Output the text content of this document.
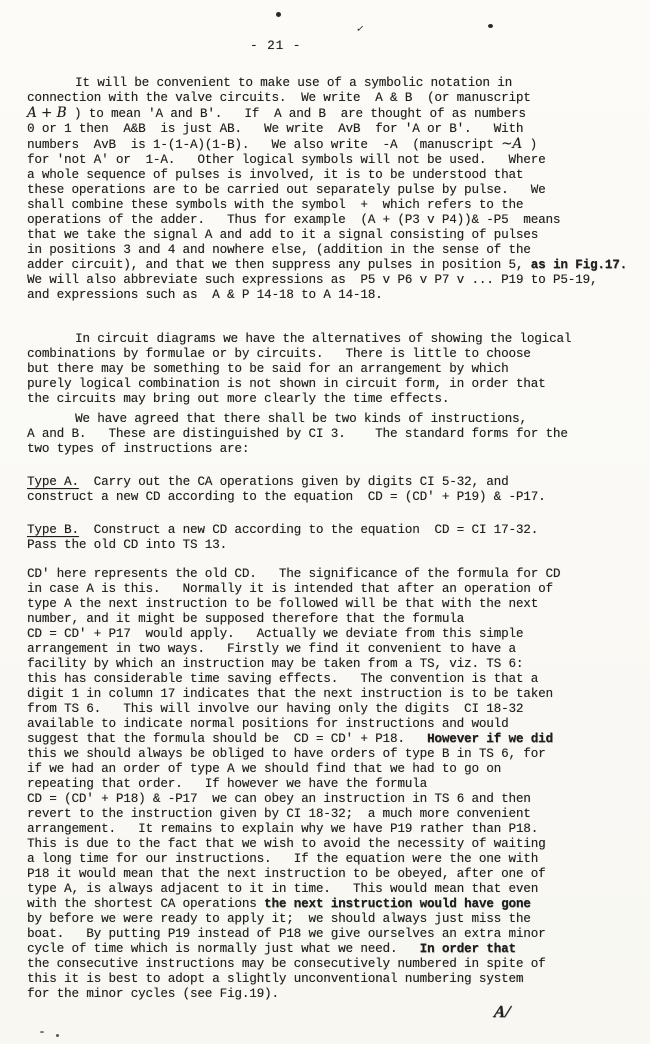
✓
- 21 -
It will be convenient to make use of a symbolic notation in
connection with the valve circuits.  We write  A & B  (or manuscript
A + B ) to mean 'A and B'.   If  A and B  are thought of as numbers
0 or 1 then  A&B  is just AB.   We write  AvB  for 'A or B'.   With
numbers  AvB  is 1-(1-A)(1-B).   We also write  -A  (manuscript ~A )
for 'not A' or  1-A.   Other logical symbols will not be used.   Where
a whole sequence of pulses is involved, it is to be understood that
these operations are to be carried out separately pulse by pulse.   We
shall combine these symbols with the symbol  +  which refers to the
operations of the adder.   Thus for example  (A + (P3 v P4))& -P5  means
that we take the signal A and add to it a signal consisting of pulses
in positions 3 and 4 and nowhere else, (addition in the sense of the
adder circuit), and that we then suppress any pulses in position 5, as in Fig.17.
We will also abbreviate such expressions as  P5 v P6 v P7 v ... P19 to P5-19,
and expressions such as  A & P 14-18 to A 14-18.
In circuit diagrams we have the alternatives of showing the logical
combinations by formulae or by circuits.   There is little to choose
but there may be something to be said for an arrangement by which
purely logical combination is not shown in circuit form, in order that
the circuits may bring out more clearly the time effects.
We have agreed that there shall be two kinds of instructions,
A and B.   These are distinguished by CI 3.    The standard forms for the
two types of instructions are:
Type A.  Carry out the CA operations given by digits CI 5-32, and
construct a new CD according to the equation  CD = (CD' + P19) & -P17.
Type B.  Construct a new CD according to the equation  CD = CI 17-32.
Pass the old CD into TS 13.
CD' here represents the old CD.   The significance of the formula for CD
in case A is this.   Normally it is intended that after an operation of
type A the next instruction to be followed will be that with the next
number, and it might be supposed therefore that the formula
CD = CD' + P17  would apply.   Actually we deviate from this simple
arrangement in two ways.   Firstly we find it convenient to have a
facility by which an instruction may be taken from a TS, viz. TS 6:
this has considerable time saving effects.   The convention is that a
digit 1 in column 17 indicates that the next instruction is to be taken
from TS 6.   This will involve our having only the digits  CI 18-32
available to indicate normal positions for instructions and would
suggest that the formula should be  CD = CD' + P18.   However if we did
this we should always be obliged to have orders of type B in TS 6, for
if we had an order of type A we should find that we had to go on
repeating that order.   If however we have the formula
CD = (CD' + P18) & -P17  we can obey an instruction in TS 6 and then
revert to the instruction given by CI 18-32;  a much more convenient
arrangement.   It remains to explain why we have P19 rather than P18.
This is due to the fact that we wish to avoid the necessity of waiting
a long time for our instructions.   If the equation were the one with
P18 it would mean that the next instruction to be obeyed, after one of
type A, is always adjacent to it in time.   This would mean that even
with the shortest CA operations the next instruction would have gone
by before we were ready to apply it;  we should always just miss the
boat.   By putting P19 instead of P18 we give ourselves an extra minor
cycle of time which is normally just what we need.   In order that
the consecutive instructions may be consecutively numbered in spite of
this it is best to adopt a slightly unconventional numbering system
for the minor cycles (see Fig.19).
A/
